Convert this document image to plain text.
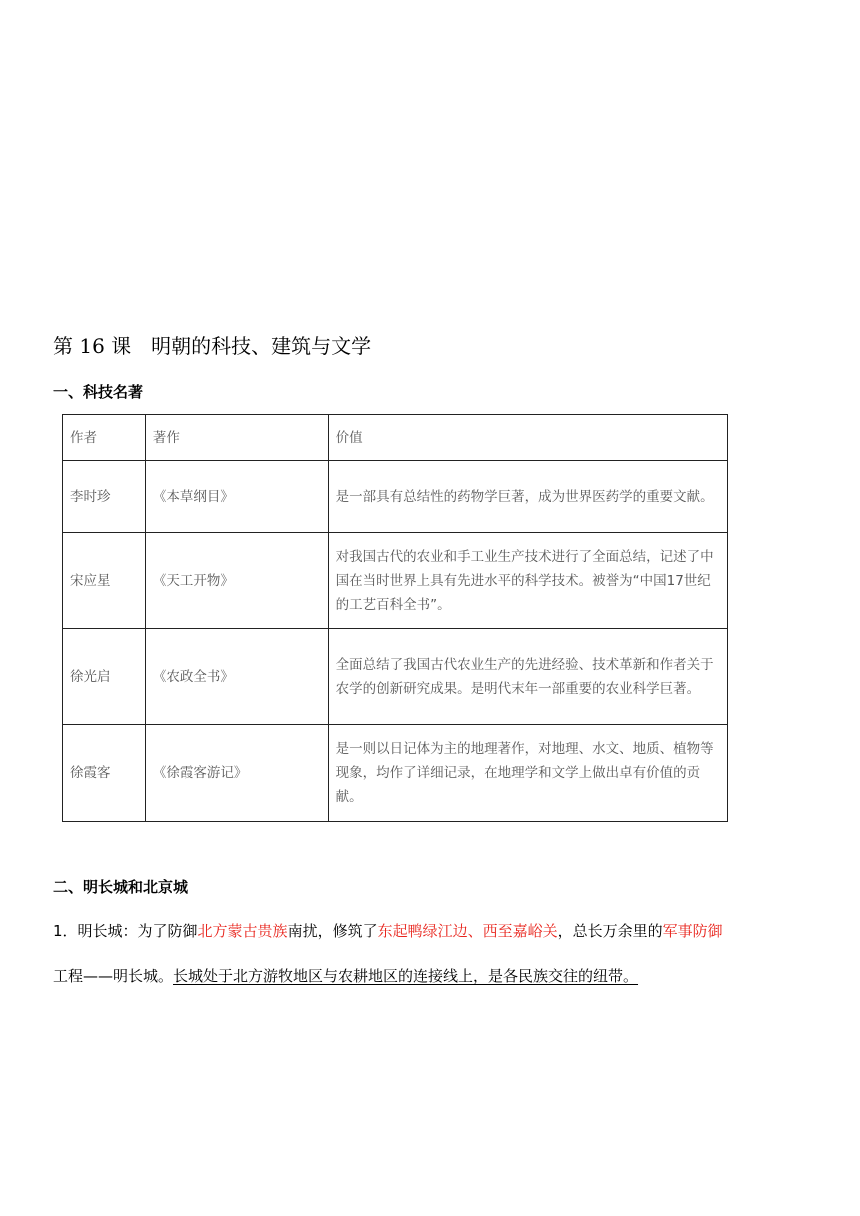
第 16 课　明朝的科技、建筑与文学
一、科技名著
作者	著作	价值
李时珍	《本草纲目》	是一部具有总结性的药物学巨著，成为世界医药学的重要文献。
宋应星	《天工开物》	对我国古代的农业和手工业生产技术进行了全面总结，记述了中国在当时世界上具有先进水平的科学技术。被誉为“中国17世纪的工艺百科全书”。
徐光启	《农政全书》	全面总结了我国古代农业生产的先进经验、技术革新和作者关于农学的创新研究成果。是明代末年一部重要的农业科学巨著。
徐霞客	《徐霞客游记》	是一则以日记体为主的地理著作，对地理、水文、地质、植物等现象，均作了详细记录，在地理学和文学上做出卓有价值的贡献。
二、明长城和北京城
1．明长城：为了防御北方蒙古贵族南扰，修筑了东起鸭绿江边、西至嘉峪关，总长万余里的军事防御
工程——明长城。长城处于北方游牧地区与农耕地区的连接线上，是各民族交往的纽带。
